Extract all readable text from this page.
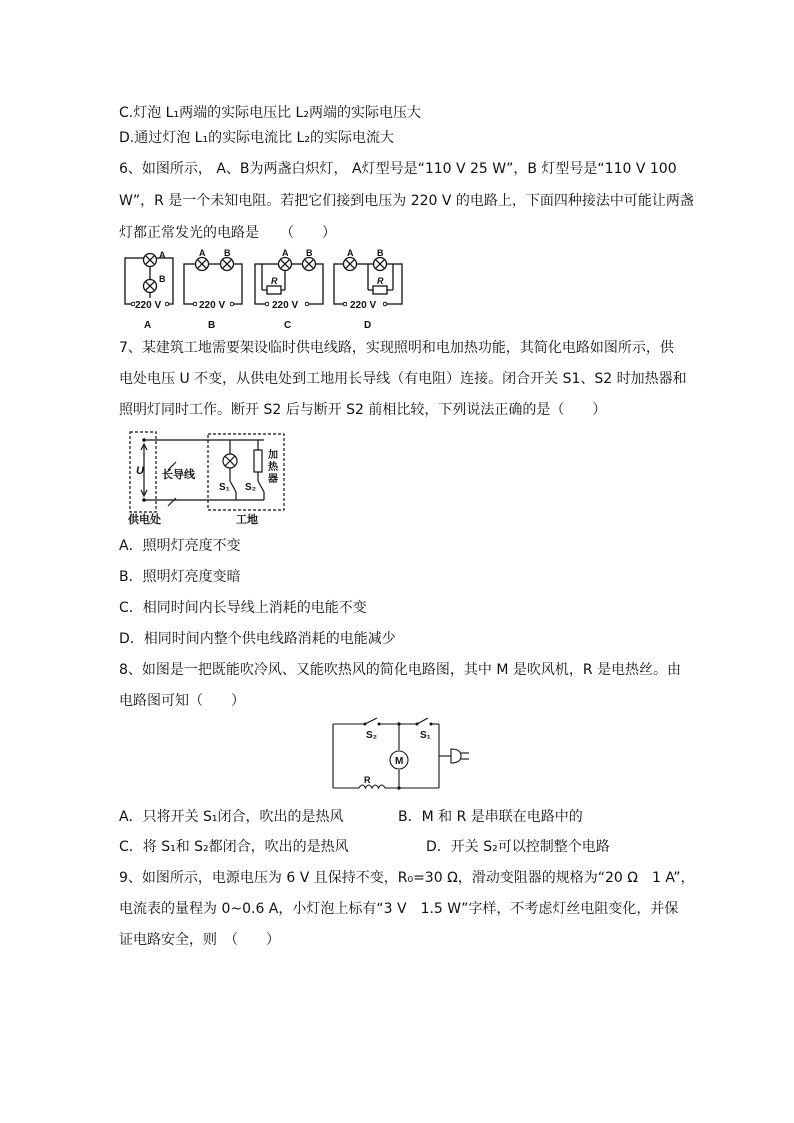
C.灯泡 L₁两端的实际电压比 L₂两端的实际电压大
D.通过灯泡 L₁的实际电流比 L₂的实际电流大
6、如图所示， A、B为两盏白炽灯， A灯型号是“110 V 25 W”，B 灯型号是“110 V 100
W”，R 是一个未知电阻。若把它们接到电压为 220 V 的电路上，下面四种接法中可能让两盏
灯都正常发光的电路是　　（　　）
220 V	220 V	220 V	220 V
A
B
A B	A B	A	B
R	R
A	B	C	D
7、某建筑工地需要架设临时供电线路，实现照明和电加热功能，其简化电路如图所示，供
电处电压 U 不变，从供电处到工地用长导线（有电阻）连接。闭合开关 S1、S2 时加热器和
照明灯同时工作。断开 S2 后与断开 S2 前相比较，下列说法正确的是（　　）
U 长导线
S₁ S₂
加
热
器
供电处	工地
A．照明灯亮度不变
B．照明灯亮度变暗
C．相同时间内长导线上消耗的电能不变
D．相同时间内整个供电线路消耗的电能减少
8、如图是一把既能吹冷风、又能吹热风的简化电路图，其中 M 是吹风机，R 是电热丝。由
电路图可知（　　）
M
S₂	S₁
R
A．只将开关 S₁闭合，吹出的是热风	B．M 和 R 是串联在电路中的
C．将 S₁和 S₂都闭合，吹出的是热风	D．开关 S₂可以控制整个电路
9、如图所示，电源电压为 6 V 且保持不变，R₀=30 Ω，滑动变阻器的规格为“20 Ω　1 A”，
电流表的量程为 0~0.6 A，小灯泡上标有“3 V　1.5 W”字样，不考虑灯丝电阻变化，并保
证电路安全，则　（　　）
